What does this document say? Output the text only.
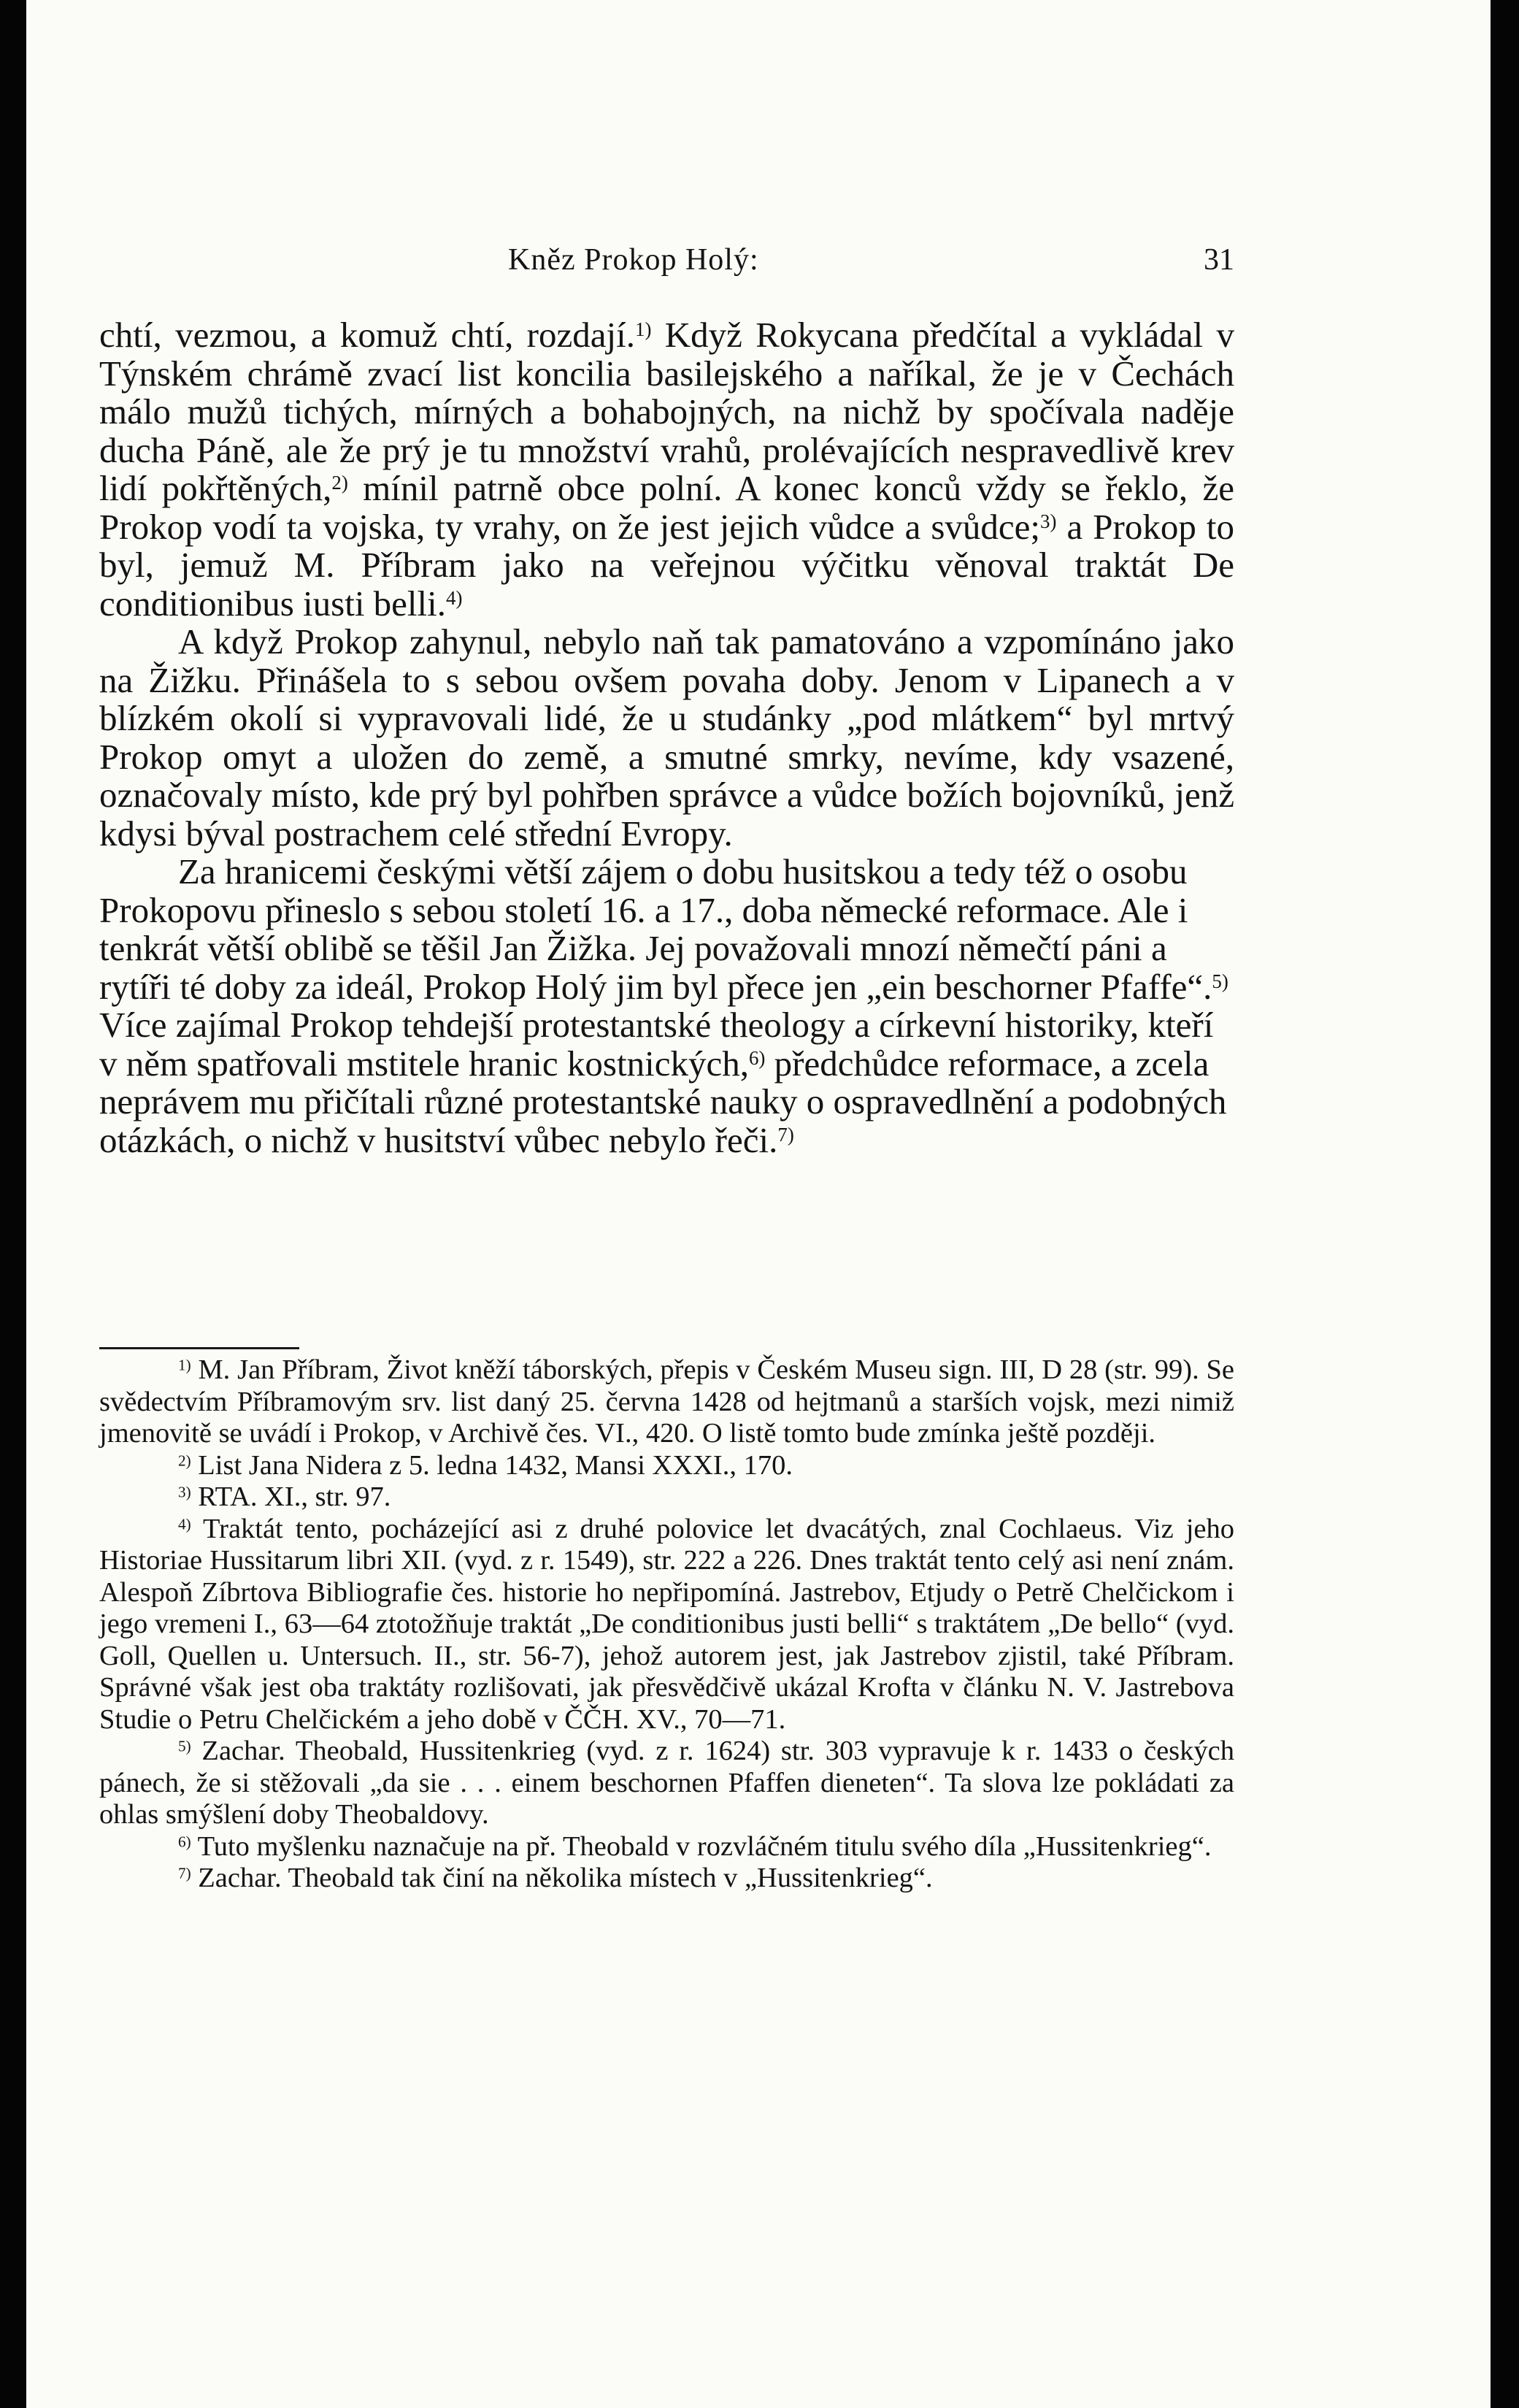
Kněz Prokop Holý:	31

chtí, vezmou, a komuž chtí, rozdají.$^{1)}$ Když Rokycana předčítal a vykládal v Týnském chrámě zvací list koncilia basilejského a naříkal, že je v Čechách málo mužů tichých, mírných a bohabojných, na nichž by spočívala naděje ducha Páně, ale že prý je tu množství vrahů, prolévajících nespravedlivě krev lidí pokřtěných,$^{2)}$ mínil patrně obce polní. A konec konců vždy se řeklo, že Prokop vodí ta vojska, ty vrahy, on že jest jejich vůdce a svůdce;$^{3)}$ a Prokop to byl, jemuž M. Příbram jako na veřejnou výčitku věnoval traktát De conditionibus iusti belli.$^{4)}$

A když Prokop zahynul, nebylo naň tak pamatováno a vzpomínáno jako na Žižku. Přinášela to s sebou ovšem povaha doby. Jenom v Lipanech a v blízkém okolí si vypravovali lidé, že u studánky „pod mlátkem“ byl mrtvý Prokop omyt a uložen do země, a smutné smrky, nevíme, kdy vsazené, označovaly místo, kde prý byl pohřben správce a vůdce božích bojovníků, jenž kdysi býval postrachem celé střední Evropy.

Za hranicemi českými větší zájem o dobu husitskou a tedy též o osobu Prokopovu přineslo s sebou století 16. a 17., doba německé reformace. Ale i tenkrát větší oblibě se těšil Jan Žižka. Jej považovali mnozí němečtí páni a rytíři té doby za ideál, Prokop Holý jim byl přece jen „ein beschorner Pfaffe“.$^{5)}$ Více zajímal Prokop tehdejší protestantské theology a církevní historiky, kteří v něm spatřovali mstitele hranic kostnických,$^{6)}$ předchůdce reformace, a zcela neprávem mu přičítali různé protestantské nauky o ospravedlnění a podobných otázkách, o nichž v husitství vůbec nebylo řeči.$^{7)}$

$^{1)}$ M. Jan Příbram, Život kněží táborských, přepis v Českém Museu sign. III, D 28 (str. 99). Se svědectvím Příbramovým srv. list daný 25. června 1428 od hejtmanů a starších vojsk, mezi nimiž jmenovitě se uvádí i Prokop, v Archivě čes. VI., 420. O listě tomto bude zmínka ještě později.

$^{2)}$ List Jana Nidera z 5. ledna 1432, Mansi XXXI., 170.

$^{3)}$ RTA. XI., str. 97.

$^{4)}$ Traktát tento, pocházející asi z druhé polovice let dvacátých, znal Cochlaeus. Viz jeho Historiae Hussitarum libri XII. (vyd. z r. 1549), str. 222 a 226. Dnes traktát tento celý asi není znám. Alespoň Zíbrtova Bibliografie čes. historie ho nepřipomíná. Jastrebov, Etjudy o Petrě Chelčickom i jego vremeni I., 63—64 ztotožňuje traktát „De conditionibus justi belli“ s traktátem „De bello“ (vyd. Goll, Quellen u. Untersuch. II., str. 56-7), jehož autorem jest, jak Jastrebov zjistil, také Příbram. Správné však jest oba traktáty rozlišovati, jak přesvědčivě ukázal Krofta v článku N. V. Jastrebova Studie o Petru Chelčickém a jeho době v ČČH. XV., 70—71.

$^{5)}$ Zachar. Theobald, Hussitenkrieg (vyd. z r. 1624) str. 303 vypravuje k r. 1433 o českých pánech, že si stěžovali „da sie . . . einem beschornen Pfaffen dieneten“. Ta slova lze pokládati za ohlas smýšlení doby Theobaldovy.

$^{6)}$ Tuto myšlenku naznačuje na př. Theobald v rozvláčném titulu svého díla „Hussitenkrieg“.

$^{7)}$ Zachar. Theobald tak činí na několika místech v „Hussitenkrieg“.
